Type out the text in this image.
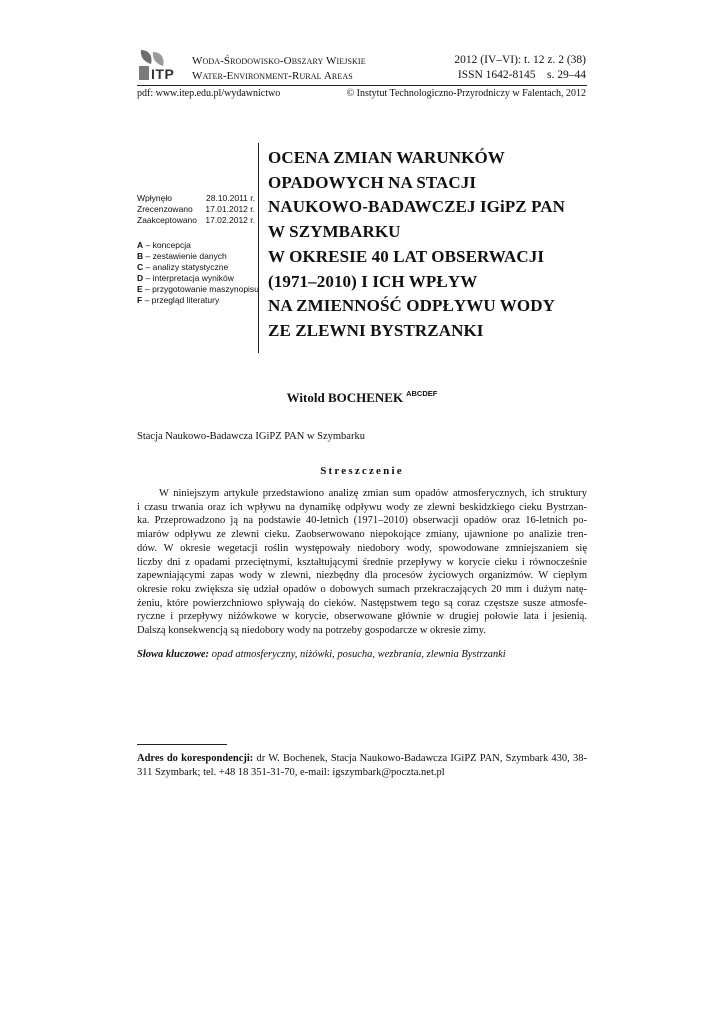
ITP
Woda-Środowisko-Obszary Wiejskie
Water-Environment-Rural Areas
2012 (IV–VI): t. 12 z. 2 (38)
ISSN 1642-8145 s. 29–44
pdf: www.itep.edu.pl/wydawnictwo	© Instytut Technologiczno-Przyrodniczy w Falentach, 2012
Wpłynęło	28.10.2011 r.
Zrecenzowano 17.01.2012 r.
Zaakceptowano 17.02.2012 r.
A – koncepcja
B – zestawienie danych
C – analizy statystyczne
D – interpretacja wyników
E – przygotowanie maszynopisu
F – przegląd literatury
OCENA ZMIAN WARUNKÓW
OPADOWYCH NA STACJI
NAUKOWO-BADAWCZEJ IGiPZ PAN
W SZYMBARKU
W OKRESIE 40 LAT OBSERWACJI
(1971–2010) I ICH WPŁYW
NA ZMIENNOŚĆ ODPŁYWU WODY
ZE ZLEWNI BYSTRZANKI
Witold BOCHENEK $^{ABCDEF}$
Stacja Naukowo-Badawcza IGiPZ PAN w Szymbarku
Streszczenie
W niniejszym artykule przedstawiono analizę zmian sum opadów atmosferycznych, ich struktury
i czasu trwania oraz ich wpływu na dynamikę odpływu wody ze zlewni beskidzkiego cieku Bystrzan-
ka. Przeprowadzono ją na podstawie 40-letnich (1971–2010) obserwacji opadów oraz 16-letnich po-
miarów odpływu ze zlewni cieku. Zaobserwowano niepokojące zmiany, ujawnione po analizie tren-
dów. W okresie wegetacji roślin występowały niedobory wody, spowodowane zmniejszaniem się
liczby dni z opadami przeciętnymi, kształtującymi średnie przepływy w korycie cieku i równocześnie
zapewniającymi zapas wody w zlewni, niezbędny dla procesów życiowych organizmów. W ciepłym
okresie roku zwiększa się udział opadów o dobowych sumach przekraczających 20 mm i dużym natę-
żeniu, które powierzchniowo spływają do cieków. Następstwem tego są coraz częstsze susze atmosfe-
ryczne i przepływy niżówkowe w korycie, obserwowane głównie w drugiej połowie lata i jesienią.
Dalszą konsekwencją są niedobory wody na potrzeby gospodarcze w okresie zimy.
Słowa kluczowe: opad atmosferyczny, niżówki, posucha, wezbrania, zlewnia Bystrzanki
Adres do korespondencji: dr W. Bochenek, Stacja Naukowo-Badawcza IGiPZ PAN, Szymbark 430, 38-311 Szymbark; tel. +48 18 351-31-70, e-mail: igszymbark@poczta.net.pl
